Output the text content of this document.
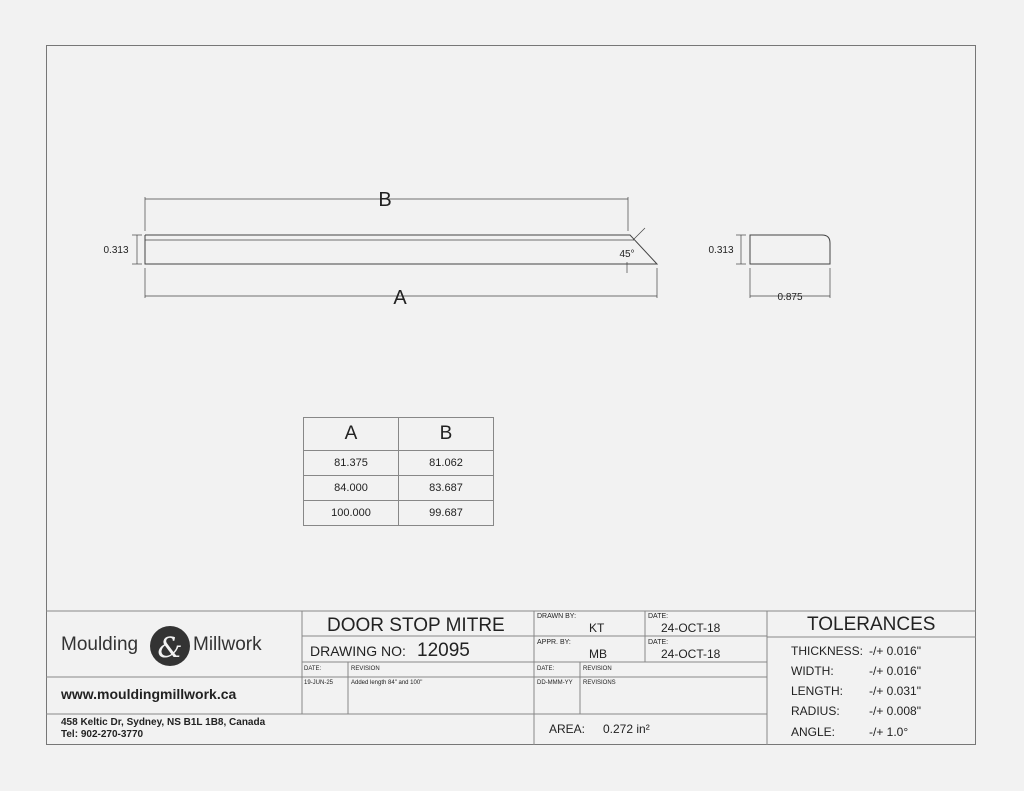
B
A
0.313	45°	0.313
0.875
&
A	B
81.375	81.062
84.000	83.687
100.000	99.687
Moulding	Millwork
www.mouldingmillwork.ca
458 Keltic Dr, Sydney, NS B1L 1B8, Canada
Tel: 902-270-3770
DOOR STOP MITRE
DRAWING NO: 12095
DRAWN BY:
KT
APPR. BY:
MB
DATE:
24-OCT-18
DATE:
24-OCT-18
DATE:	REVISION
19-JUN-25	Added length 84" and 100"
DATE:	REVISION
DD-MMM-YY REVISIONS
AREA: 0.272 in²
TOLERANCES
THICKNESS: -/+ 0.016"
WIDTH:	-/+ 0.016"
LENGTH: -/+ 0.031"
RADIUS: -/+ 0.008"
ANGLE:	-/+ 1.0°
